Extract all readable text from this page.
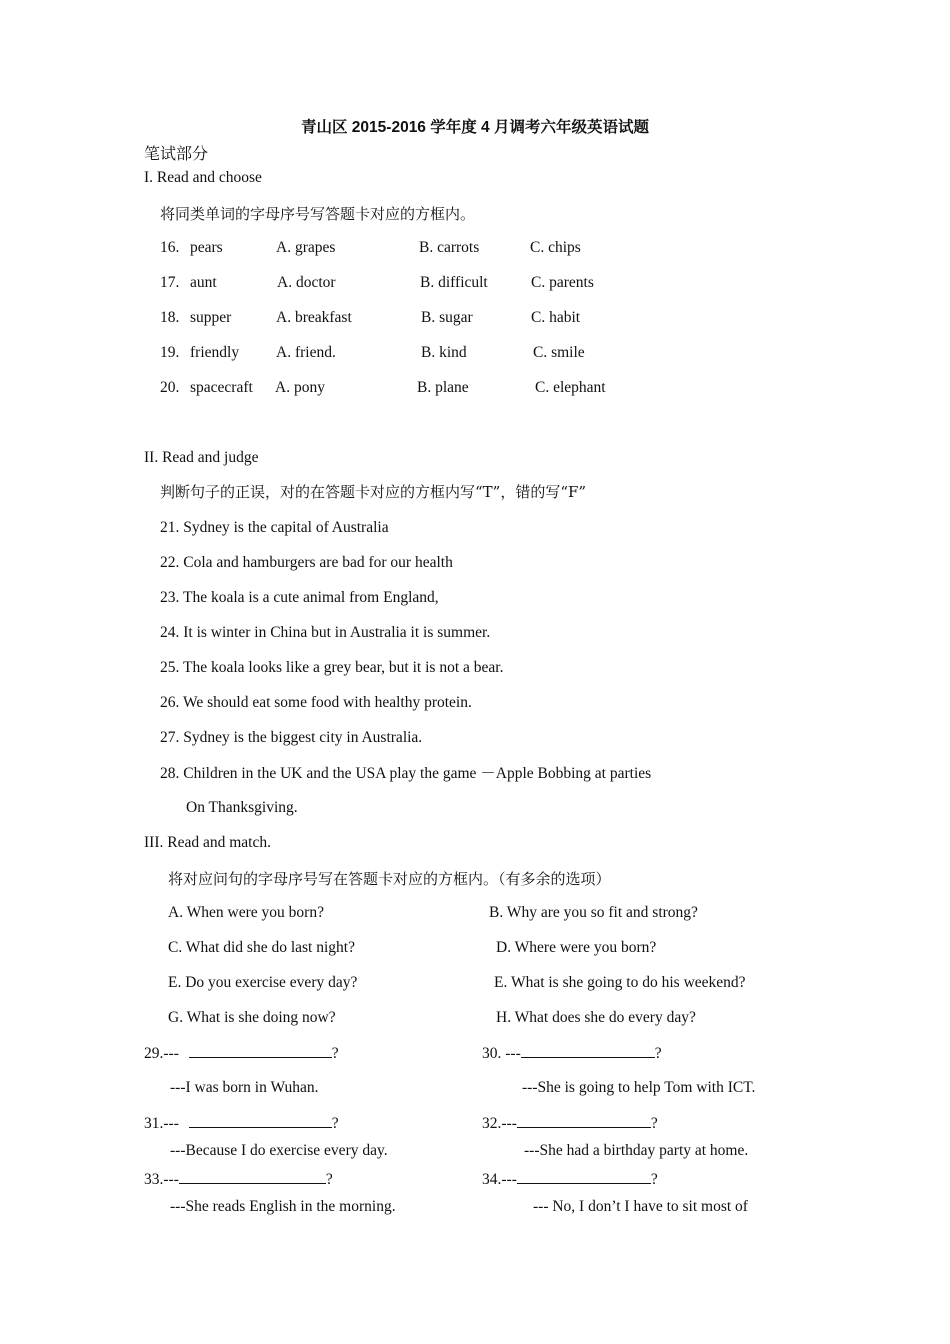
青山区 2015-2016 学年度 4 月调考六年级英语试题
笔试部分
I. Read and choose
将同类单词的字母序号写答题卡对应的方框内。
16. pears	A. grapes	B. carrots	C. chips
17. aunt	A. doctor	B. difficult	C. parents
18. supper	A. breakfast	B. sugar	C. habit
19. friendly A. friend.	B. kind	C. smile
20. spacecraft A. pony	B. plane	C. elephant
II. Read and judge
判断句子的正误，对的在答题卡对应的方框内写“T”，错的写“F”
21. Sydney is the capital of Australia
22. Cola and hamburgers are bad for our health
23. The koala is a cute animal from England,
24. It is winter in China but in Australia it is summer.
25. The koala looks like a grey bear, but it is not a bear.
26. We should eat some food with healthy protein.
27. Sydney is the biggest city in Australia.
28. Children in the UK and the USA play the game －Apple Bobbing at parties
On Thanksgiving.
III. Read and match.
将对应问句的字母序号写在答题卡对应的方框内。（有多余的选项）
A. When were you born?	B. Why are you so fit and strong?
C. What did she do last night?	D. Where were you born?
E. Do you exercise every day?	E. What is she going to do his weekend?
G. What is she doing now?	H. What does she do every day?
29.---	?
---I was born in Wuhan.
30. ---	?
---She is going to help Tom with ICT.
31.---	?
---Because I do exercise every day.
32.---	?
---She had a birthday party at home.
33.---	?
---She reads English in the morning.
34.---	?
--- No, I don’t I have to sit most of
